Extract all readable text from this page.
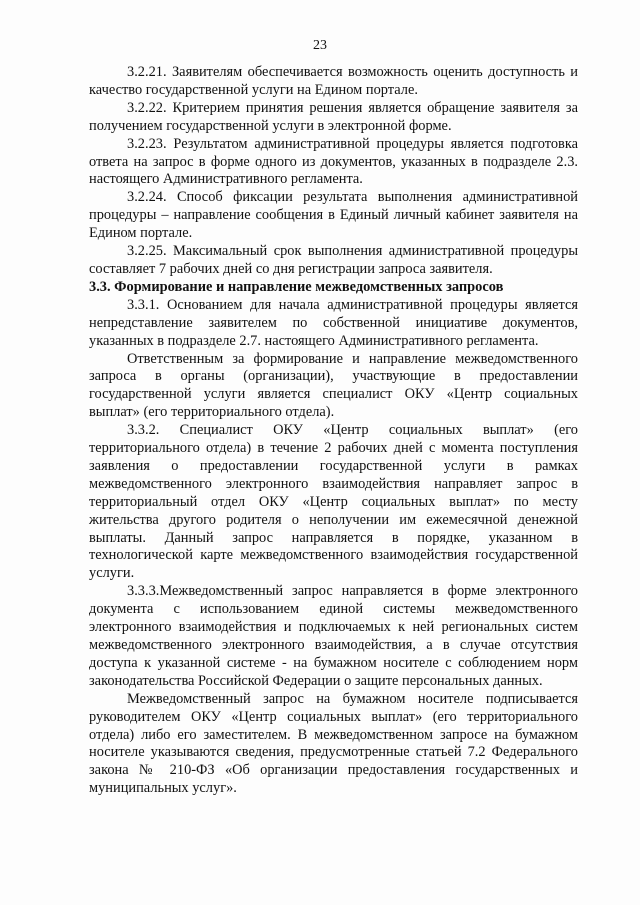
23

3.2.21. Заявителям обеспечивается возможность оценить доступность и качество государственной услуги на Едином портале.

3.2.22. Критерием принятия решения является обращение заявителя за получением государственной услуги в электронной форме.

3.2.23. Результатом административной процедуры является подготовка ответа на запрос в форме одного из документов, указанных в подразделе 2.3. настоящего Административного регламента.

3.2.24. Способ фиксации результата выполнения административной процедуры – направление сообщения в Единый личный кабинет заявителя на Едином портале.

3.2.25. Максимальный срок выполнения административной процедуры составляет 7 рабочих дней со дня регистрации запроса заявителя.

3.3. Формирование и направление межведомственных запросов

3.3.1. Основанием для начала административной процедуры является непредставление заявителем по собственной инициативе документов, указанных в подразделе 2.7. настоящего Административного регламента.

Ответственным за формирование и направление межведомственного запроса в органы (организации), участвующие в предоставлении государственной услуги является специалист ОКУ «Центр социальных выплат» (его территориального отдела).

3.3.2. Специалист ОКУ «Центр социальных выплат» (его территориального отдела) в течение 2 рабочих дней с момента поступления заявления о предоставлении государственной услуги в рамках межведомственного электронного взаимодействия направляет запрос в территориальный отдел ОКУ «Центр социальных выплат» по месту жительства другого родителя о неполучении им ежемесячной денежной выплаты. Данный запрос направляется в порядке, указанном в технологической карте межведомственного взаимодействия государственной услуги.

3.3.3.Межведомственный запрос направляется в форме электронного документа с использованием единой системы межведомственного электронного взаимодействия и подключаемых к ней региональных систем межведомственного электронного взаимодействия, а в случае отсутствия доступа к указанной системе - на бумажном носителе с соблюдением норм законодательства Российской Федерации о защите персональных данных.

Межведомственный запрос на бумажном носителе подписывается руководителем ОКУ «Центр социальных выплат» (его территориального отдела) либо его заместителем. В межведомственном запросе на бумажном носителе указываются сведения, предусмотренные статьей 7.2 Федерального закона № 210-ФЗ «Об организации предоставления государственных и муниципальных услуг».
